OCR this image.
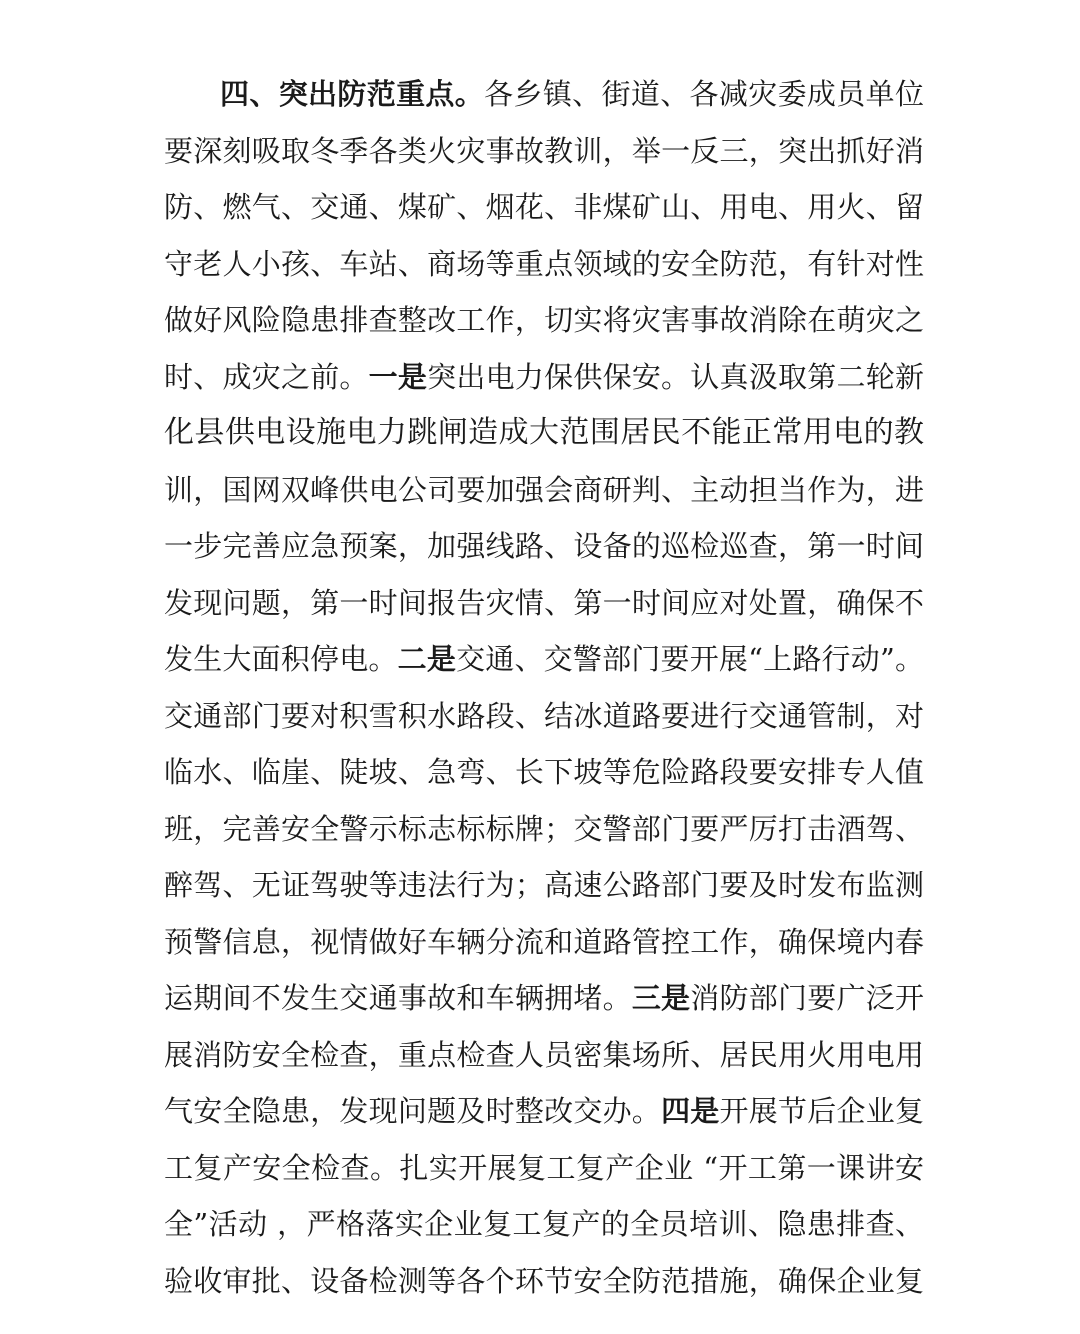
四、突出防范重点。各乡镇、街道、各减灾委成员单位
要深刻吸取冬季各类火灾事故教训，举一反三，突出抓好消
防、燃气、交通、煤矿、烟花、非煤矿山、用电、用火、留
守老人小孩、车站、商场等重点领域的安全防范，有针对性
做好风险隐患排查整改工作，切实将灾害事故消除在萌灾之
时、成灾之前。一是突出电力保供保安。认真汲取第二轮新
化县供电设施电力跳闸造成大范围居民不能正常用电的教
训，国网双峰供电公司要加强会商研判、主动担当作为，进
一步完善应急预案，加强线路、设备的巡检巡查，第一时间
发现问题，第一时间报告灾情、第一时间应对处置，确保不
发生大面积停电。二是交通、交警部门要开展“上路行动”。
交通部门要对积雪积水路段、结冰道路要进行交通管制，对
临水、临崖、陡坡、急弯、长下坡等危险路段要安排专人值
班，完善安全警示标志标标牌；交警部门要严厉打击酒驾、
醉驾、无证驾驶等违法行为；高速公路部门要及时发布监测
预警信息，视情做好车辆分流和道路管控工作，确保境内春
运期间不发生交通事故和车辆拥堵。三是消防部门要广泛开
展消防安全检查，重点检查人员密集场所、居民用火用电用
气安全隐患，发现问题及时整改交办。四是开展节后企业复
工复产安全检查。扎实开展复工复产企业 “开工第一课讲安
全”活动 ，严格落实企业复工复产的全员培训、隐患排查、
验收审批、设备检测等各个环节安全防范措施，确保企业复
